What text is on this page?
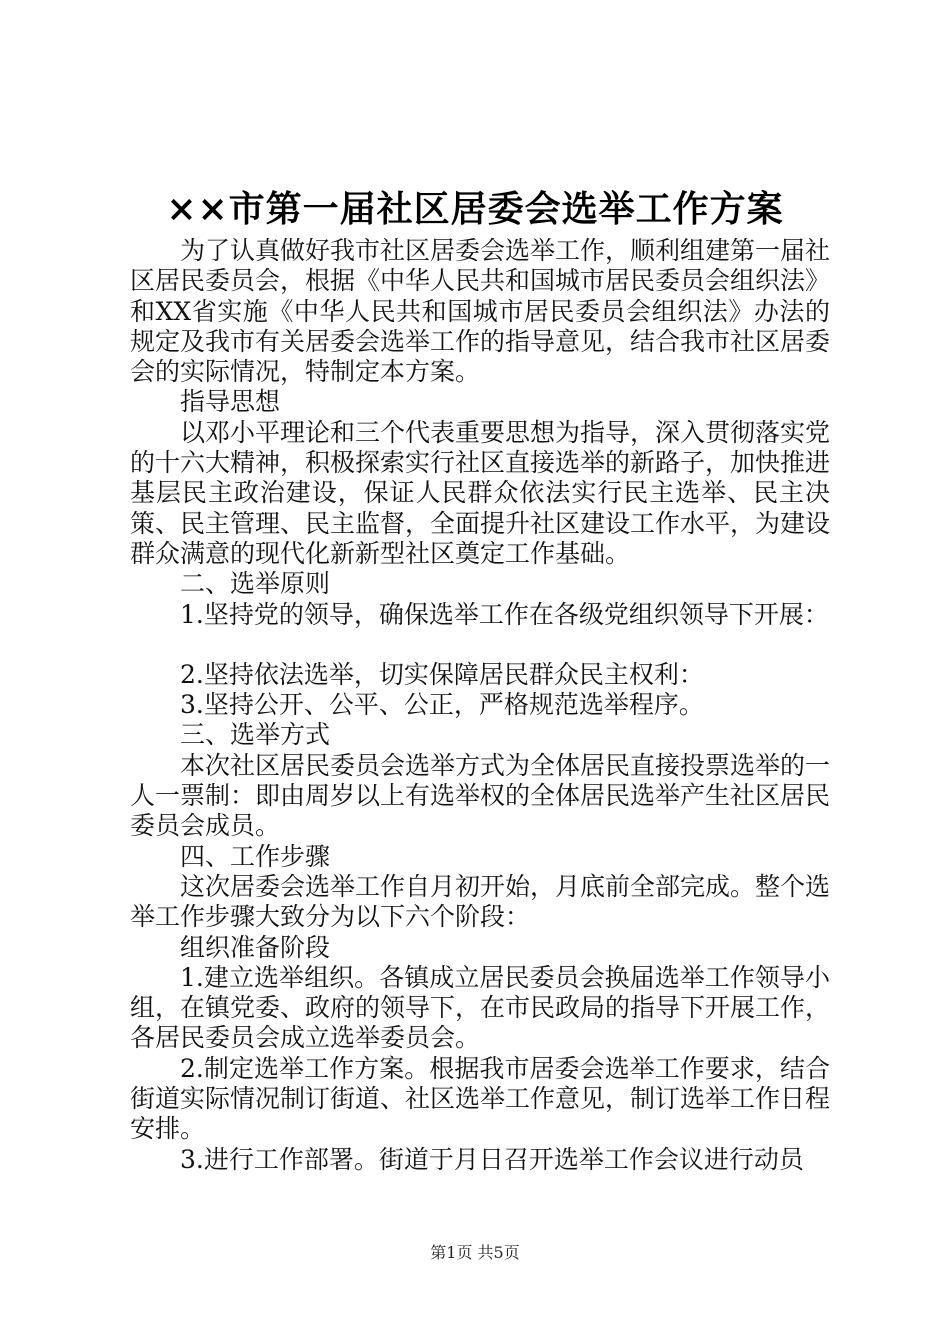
××市第一届社区居委会选举工作方案

为了认真做好我市社区居委会选举工作，顺利组建第一届社区居民委员会，根据《中华人民共和国城市居民委员会组织法》和XX省实施《中华人民共和国城市居民委员会组织法》办法的规定及我市有关居委会选举工作的指导意见，结合我市社区居委会的实际情况，特制定本方案。

指导思想

以邓小平理论和三个代表重要思想为指导，深入贯彻落实党的十六大精神，积极探索实行社区直接选举的新路子，加快推进基层民主政治建设，保证人民群众依法实行民主选举、民主决策、民主管理、民主监督，全面提升社区建设工作水平，为建设群众满意的现代化新新型社区奠定工作基础。

二、选举原则

1.坚持党的领导，确保选举工作在各级党组织领导下开展：

2.坚持依法选举，切实保障居民群众民主权利：

3.坚持公开、公平、公正，严格规范选举程序。

三、选举方式

本次社区居民委员会选举方式为全体居民直接投票选举的一人一票制：即由周岁以上有选举权的全体居民选举产生社区居民委员会成员。

四、工作步骤

这次居委会选举工作自月初开始，月底前全部完成。整个选举工作步骤大致分为以下六个阶段：

组织准备阶段

1.建立选举组织。各镇成立居民委员会换届选举工作领导小组，在镇党委、政府的领导下，在市民政局的指导下开展工作，各居民委员会成立选举委员会。

2.制定选举工作方案。根据我市居委会选举工作要求，结合街道实际情况制订街道、社区选举工作意见，制订选举工作日程安排。

3.进行工作部署。街道于月日召开选举工作会议进行动员

第1页 共5页
